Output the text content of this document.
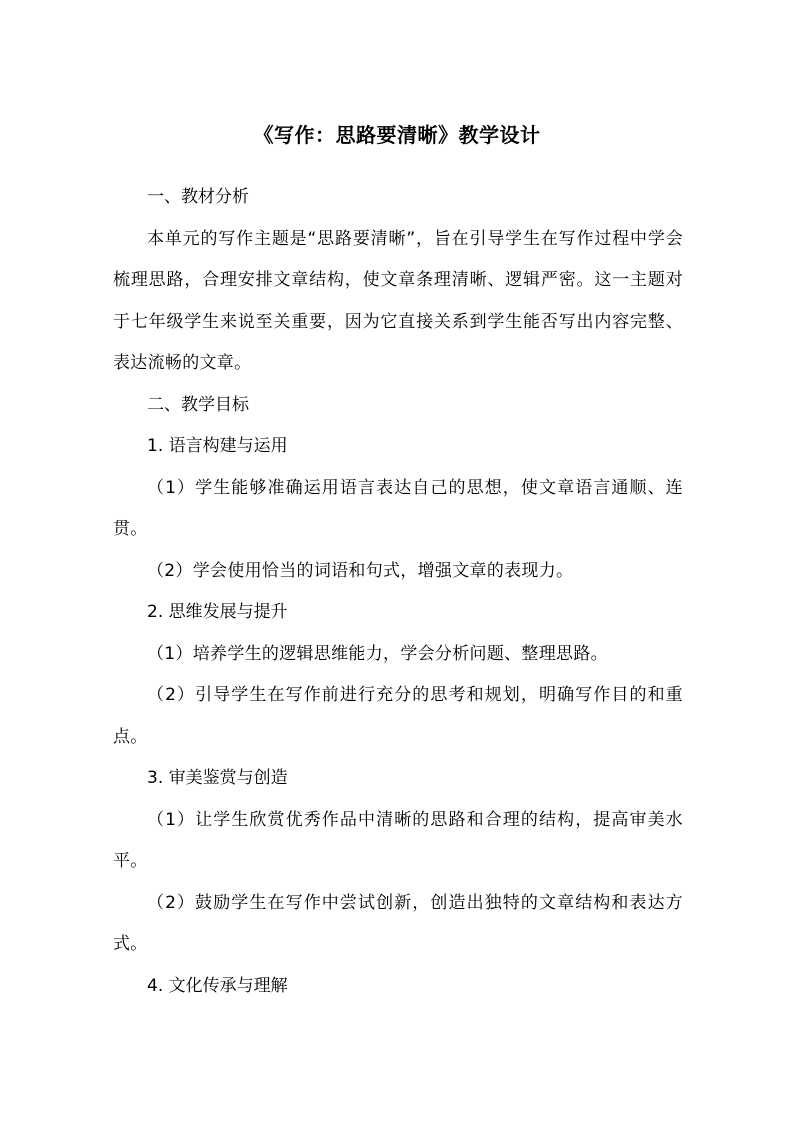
《写作：思路要清晰》教学设计

一、教材分析

本单元的写作主题是“思路要清晰”，旨在引导学生在写作过程中学会梳理思路，合理安排文章结构，使文章条理清晰、逻辑严密。这一主题对于七年级学生来说至关重要，因为它直接关系到学生能否写出内容完整、表达流畅的文章。

二、教学目标

1. 语言构建与运用

（1）学生能够准确运用语言表达自己的思想，使文章语言通顺、连贯。

（2）学会使用恰当的词语和句式，增强文章的表现力。

2. 思维发展与提升

（1）培养学生的逻辑思维能力，学会分析问题、整理思路。

（2）引导学生在写作前进行充分的思考和规划，明确写作目的和重点。

3. 审美鉴赏与创造

（1）让学生欣赏优秀作品中清晰的思路和合理的结构，提高审美水平。

（2）鼓励学生在写作中尝试创新，创造出独特的文章结构和表达方式。

4. 文化传承与理解
